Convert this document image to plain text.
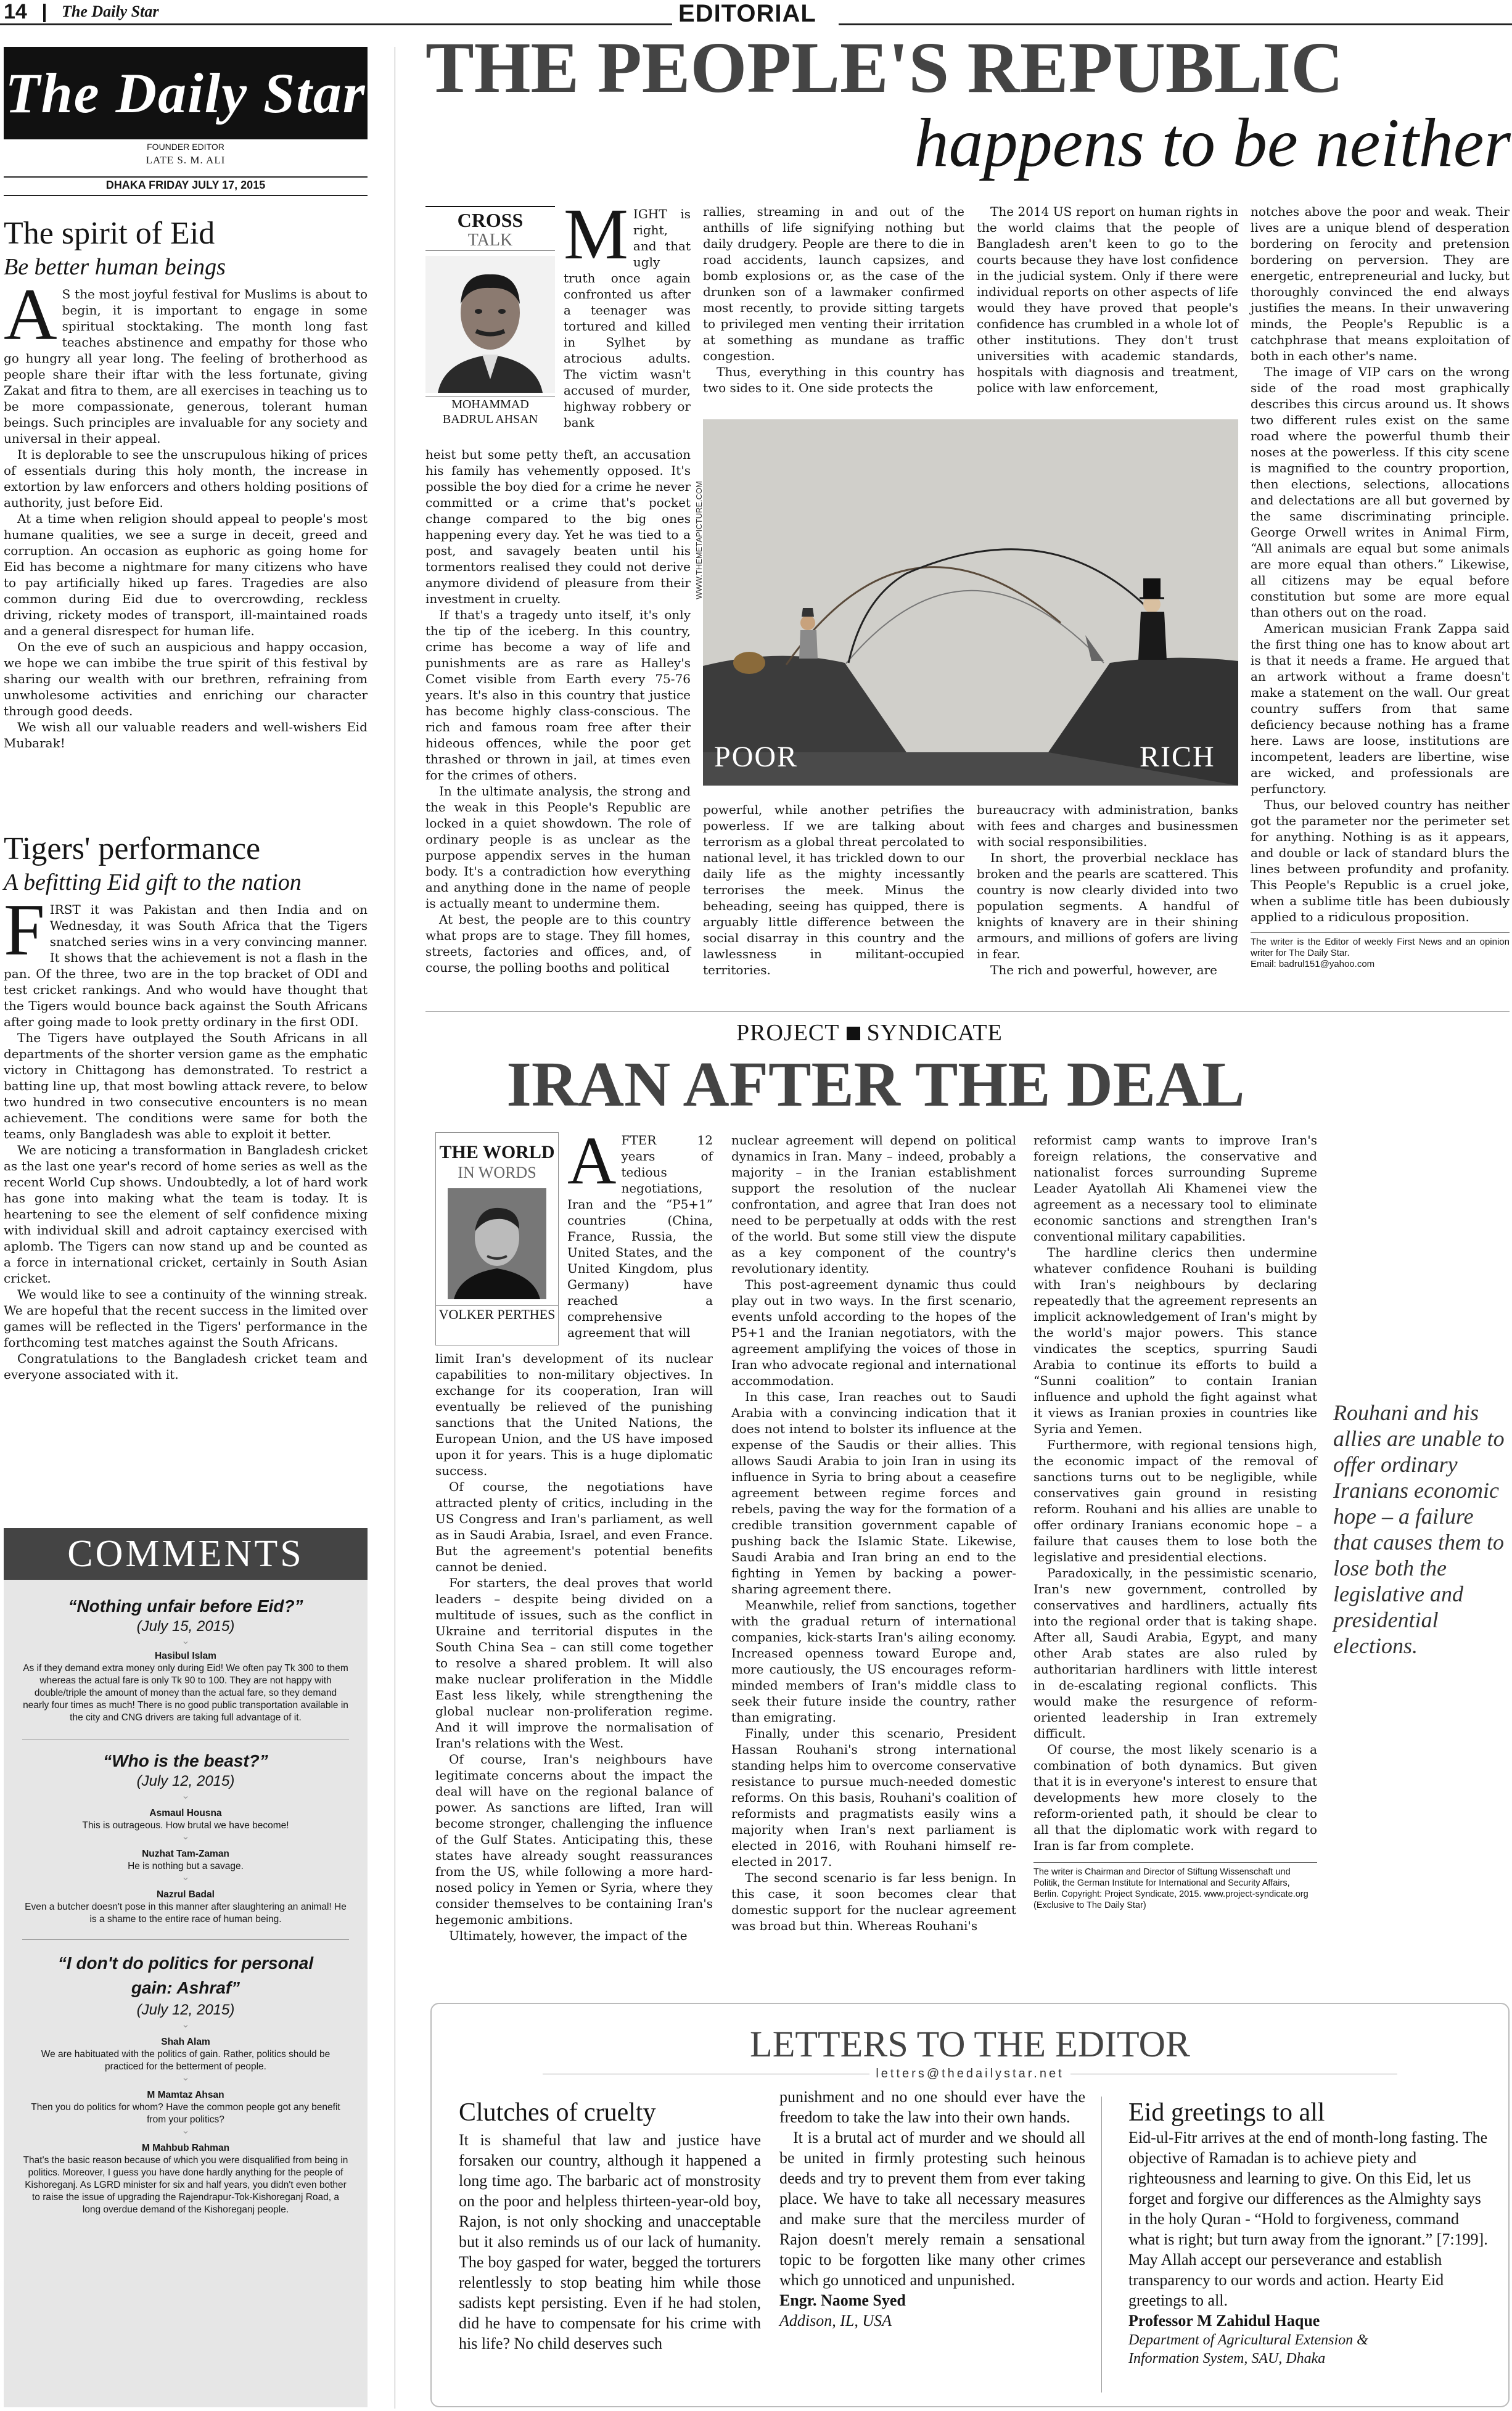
14 The Daily Star	EDITORIAL
The Daily Star
FOUNDER EDITOR
LATE S. M. ALI
DHAKA FRIDAY JULY 17, 2015
The spirit of Eid
Be better human beings
A S the most joyful festival for Muslims is about to begin, it is important to engage in some spiritual stocktaking. The month long fast teaches abstinence and empathy for those who go hungry all year long. The feeling of brotherhood as people share their iftar with the less fortunate, giving Zakat and fitra to them, are all exercises in teaching us to be more compassionate, generous, tolerant human beings. Such principles are invaluable for any society and universal in their appeal.

It is deplorable to see the unscrupulous hiking of prices of essentials during this holy month, the increase in extortion by law enforcers and others holding positions of authority, just before Eid.

At a time when religion should appeal to people's most humane qualities, we see a surge in deceit, greed and corruption. An occasion as euphoric as going home for Eid has become a nightmare for many citizens who have to pay artificially hiked up fares. Tragedies are also common during Eid due to overcrowding, reckless driving, rickety modes of transport, ill-maintained roads and a general disrespect for human life.

On the eve of such an auspicious and happy occasion, we hope we can imbibe the true spirit of this festival by sharing our wealth with our brethren, refraining from unwholesome activities and enriching our character through good deeds.

We wish all our valuable readers and well-wishers Eid Mubarak!

Tigers' performance
A befitting Eid gift to the nation
F IRST it was Pakistan and then India and on Wednesday, it was South Africa that the Tigers snatched series wins in a very convincing manner. It shows that the achievement is not a flash in the pan. Of the three, two are in the top bracket of ODI and test cricket rankings. And who would have thought that the Tigers would bounce back against the South Africans after going made to look pretty ordinary in the first ODI.

The Tigers have outplayed the South Africans in all departments of the shorter version game as the emphatic victory in Chittagong has demonstrated. To restrict a batting line up, that most bowling attack revere, to below two hundred in two consecutive encounters is no mean achievement. The conditions were same for both the teams, only Bangladesh was able to exploit it better.

We are noticing a transformation in Bangladesh cricket as the last one year's record of home series as well as the recent World Cup shows. Undoubtedly, a lot of hard work has gone into making what the team is today. It is heartening to see the element of self confidence mixing with individual skill and adroit captaincy exercised with aplomb. The Tigers can now stand up and be counted as a force in international cricket, certainly in South Asian cricket.

We would like to see a continuity of the winning streak. We are hopeful that the recent success in the limited over games will be reflected in the Tigers' performance in the forthcoming test matches against the South Africans.

Congratulations to the Bangladesh cricket team and everyone associated with it.

COMMENTS

“Nothing unfair before Eid?”

(July 15, 2015)

⌄

Hasibul Islam

As if they demand extra money only during Eid! We often pay Tk 300 to them whereas the actual fare is only Tk 90 to 100. They are not happy with double/triple the amount of money than the actual fare, so they demand nearly four times as much! There is no good public transportation available in the city and CNG drivers are taking full advantage of it.

“Who is the beast?”

(July 12, 2015)

⌄

Asmaul Housna

This is outrageous. How brutal we have become!

⌄

Nuzhat Tam-Zaman

He is nothing but a savage.

⌄

Nazrul Badal

Even a butcher doesn't pose in this manner after slaughtering an animal! He is a shame to the entire race of human being.

“I don't do politics for personal gain: Ashraf”

(July 12, 2015)

⌄

Shah Alam

We are habituated with the politics of gain. Rather, politics should be practiced for the betterment of people.

⌄

M Mamtaz Ahsan

Then you do politics for whom? Have the common people got any benefit from your politics?

⌄

M Mahbub Rahman

That's the basic reason because of which you were disqualified from being in politics. Moreover, I guess you have done hardly anything for the people of Kishoreganj. As LGRD minister for six and half years, you didn't even bother to raise the issue of upgrading the Rajendrapur-Tok-Kishoreganj Road, a long overdue demand of the Kishoreganj people.

THE PEOPLE'S REPUBLIC
happens to be neither
CROSS
TALK
MOHAMMAD
BADRUL AHSAN
M IGHT is right, and that ugly truth once again confronted us after a teenager was tortured and killed in Sylhet by atrocious adults. The victim wasn't accused of murder, highway robbery or bank

heist but some petty theft, an accusation his family has vehemently opposed. It's possible the boy died for a crime he never committed or a crime that's pocket change compared to the big ones happening every day. Yet he was tied to a post, and savagely beaten until his tormentors realised they could not derive anymore dividend of pleasure from their investment in cruelty.

If that's a tragedy unto itself, it's only the tip of the iceberg. In this country, crime has become a way of life and punishments are as rare as Halley's Comet visible from Earth every 75-76 years. It's also in this country that justice has become highly class-conscious. The rich and famous roam free after their hideous offences, while the poor get thrashed or thrown in jail, at times even for the crimes of others.

In the ultimate analysis, the strong and the weak in this People's Republic are locked in a quiet showdown. The role of ordinary people is as unclear as the purpose appendix serves in the human body. It's a contradiction how everything and anything done in the name of people is actually meant to undermine them.

At best, the people are to this country what props are to stage. They fill homes, streets, factories and offices, and, of course, the polling booths and political

rallies, streaming in and out of the anthills of life signifying nothing but daily drudgery. People are there to die in road accidents, launch capsizes, and bomb explosions or, as the case of the drunken son of a lawmaker confirmed most recently, to provide sitting targets to privileged men venting their irritation at something as mundane as traffic congestion.

Thus, everything in this country has two sides to it. One side protects the

The 2014 US report on human rights in the world claims that the people of Bangladesh aren't keen to go to the courts because they have lost confidence in the judicial system. Only if there were individual reports on other aspects of life would they have proved that people's confidence has crumbled in a whole lot of other institutions. They don't trust universities with academic standards, hospitals with diagnosis and treatment, police with law enforcement,

WWW.THEMETAPICTURE.COM
POOR	RICH

powerful, while another petrifies the powerless. If we are talking about terrorism as a global threat percolated to national level, it has trickled down to our daily life as the mighty incessantly terrorises the meek. Minus the beheading, seeing has quipped, there is arguably little difference between the social disarray in this country and the lawlessness in militant-occupied territories.

bureaucracy with administration, banks with fees and charges and businessmen with social responsibilities.

In short, the proverbial necklace has broken and the pearls are scattered. This country is now clearly divided into two population segments. A handful of knights of knavery are in their shining armours, and millions of gofers are living in fear.

The rich and powerful, however, are

notches above the poor and weak. Their lives are a unique blend of desperation bordering on ferocity and pretension bordering on perversion. They are energetic, entrepreneurial and lucky, but thoroughly convinced the end always justifies the means. In their unwavering minds, the People's Republic is a catchphrase that means exploitation of both in each other's name.

The image of VIP cars on the wrong side of the road most graphically describes this circus around us. It shows two different rules exist on the same road where the powerful thumb their noses at the powerless. If this city scene is magnified to the country proportion, then elections, selections, allocations and delectations are all but governed by the same discriminating principle. George Orwell writes in Animal Firm, “All animals are equal but some animals are more equal than others.” Likewise, all citizens may be equal before constitution but some are more equal than others out on the road.

American musician Frank Zappa said the first thing one has to know about art is that it needs a frame. He argued that an artwork without a frame doesn't make a statement on the wall. Our great country suffers from that same deficiency because nothing has a frame here. Laws are loose, institutions are incompetent, leaders are libertine, wise are wicked, and professionals are perfunctory.

Thus, our beloved country has neither got the parameter nor the perimeter set for anything. Nothing is as it appears, and double or lack of standard blurs the lines between profundity and profanity. This People's Republic is a cruel joke, when a sublime title has been dubiously applied to a ridiculous proposition.

The writer is the Editor of weekly First News and an opinion writer for The Daily Star.
Email: badrul151@yahoo.com
PROJECT SYNDICATE
IRAN AFTER THE DEAL
THE WORLD
IN WORDS
VOLKER PERTHES
A FTER 12 years of tedious negotiations, Iran and the “P5+1” countries (China, France, Russia, the United States, and the United Kingdom, plus Germany) have reached a comprehensive agreement that will

limit Iran's development of its nuclear capabilities to non-military objectives. In exchange for its cooperation, Iran will eventually be relieved of the punishing sanctions that the United Nations, the European Union, and the US have imposed upon it for years. This is a huge diplomatic success.

Of course, the negotiations have attracted plenty of critics, including in the US Congress and Iran's parliament, as well as in Saudi Arabia, Israel, and even France. But the agreement's potential benefits cannot be denied.

For starters, the deal proves that world leaders – despite being divided on a multitude of issues, such as the conflict in Ukraine and territorial disputes in the South China Sea – can still come together to resolve a shared problem. It will also make nuclear proliferation in the Middle East less likely, while strengthening the global nuclear non-proliferation regime. And it will improve the normalisation of Iran's relations with the West.

Of course, Iran's neighbours have legitimate concerns about the impact the deal will have on the regional balance of power. As sanctions are lifted, Iran will become stronger, challenging the influence of the Gulf States. Anticipating this, these states have already sought reassurances from the US, while following a more hard-nosed policy in Yemen or Syria, where they consider themselves to be containing Iran's hegemonic ambitions.

Ultimately, however, the impact of the

nuclear agreement will depend on political dynamics in Iran. Many – indeed, probably a majority – in the Iranian establishment support the resolution of the nuclear confrontation, and agree that Iran does not need to be perpetually at odds with the rest of the world. But some still view the dispute as a key component of the country's revolutionary identity.

This post-agreement dynamic thus could play out in two ways. In the first scenario, events unfold according to the hopes of the P5+1 and the Iranian negotiators, with the agreement amplifying the voices of those in Iran who advocate regional and international accommodation.

In this case, Iran reaches out to Saudi Arabia with a convincing indication that it does not intend to bolster its influence at the expense of the Saudis or their allies. This allows Saudi Arabia to join Iran in using its influence in Syria to bring about a ceasefire agreement between regime forces and rebels, paving the way for the formation of a credible transition government capable of pushing back the Islamic State. Likewise, Saudi Arabia and Iran bring an end to the fighting in Yemen by backing a power-sharing agreement there.

Meanwhile, relief from sanctions, together with the gradual return of international companies, kick-starts Iran's ailing economy. Increased openness toward Europe and, more cautiously, the US encourages reform-minded members of Iran's middle class to seek their future inside the country, rather than emigrating.

Finally, under this scenario, President Hassan Rouhani's strong international standing helps him to overcome conservative resistance to pursue much-needed domestic reforms. On this basis, Rouhani's coalition of reformists and pragmatists easily wins a majority when Iran's next parliament is elected in 2016, with Rouhani himself re-elected in 2017.

The second scenario is far less benign. In this case, it soon becomes clear that domestic support for the nuclear agreement was broad but thin. Whereas Rouhani's

reformist camp wants to improve Iran's foreign relations, the conservative and nationalist forces surrounding Supreme Leader Ayatollah Ali Khamenei view the agreement as a necessary tool to eliminate economic sanctions and strengthen Iran's conventional military capabilities.

The hardline clerics then undermine whatever confidence Rouhani is building with Iran's neighbours by declaring repeatedly that the agreement represents an implicit acknowledgement of Iran's might by the world's major powers. This stance vindicates the sceptics, spurring Saudi Arabia to continue its efforts to build a “Sunni coalition” to contain Iranian influence and uphold the fight against what it views as Iranian proxies in countries like Syria and Yemen.

Furthermore, with regional tensions high, the economic impact of the removal of sanctions turns out to be negligible, while conservatives gain ground in resisting reform. Rouhani and his allies are unable to offer ordinary Iranians economic hope – a failure that causes them to lose both the legislative and presidential elections.

Paradoxically, in the pessimistic scenario, Iran's new government, controlled by conservatives and hardliners, actually fits into the regional order that is taking shape. After all, Saudi Arabia, Egypt, and many other Arab states are also ruled by authoritarian hardliners with little interest in de-escalating regional conflicts. This would make the resurgence of reform-oriented leadership in Iran extremely difficult.

Of course, the most likely scenario is a combination of both dynamics. But given that it is in everyone's interest to ensure that developments hew more closely to the reform-oriented path, it should be clear to all that the diplomatic work with regard to Iran is far from complete.

The writer is Chairman and Director of Stiftung Wissenschaft und Politik, the German Institute for International and Security Affairs, Berlin. Copyright: Project Syndicate, 2015. www.project-syndicate.org (Exclusive to The Daily Star)
Rouhani and his allies are unable to offer ordinary Iranians economic hope – a failure that causes them to lose both the legislative and presidential elections.
LETTERS TO THE EDITOR
letters@thedailystar.net
Clutches of cruelty
It is shameful that law and justice have forsaken our country, although it happened a long time ago. The barbaric act of monstrosity on the poor and helpless thirteen-year-old boy, Rajon, is not only shocking and unacceptable but it also reminds us of our lack of humanity. The boy gasped for water, begged the torturers relentlessly to stop beating him while those sadists kept persisting. Even if he had stolen, did he have to compensate for his crime with his life? No child deserves such

punishment and no one should ever have the freedom to take the law into their own hands.

It is a brutal act of murder and we should all be united in firmly protesting such heinous deeds and try to prevent them from ever taking place. We have to take all necessary measures and make sure that the merciless murder of Rajon doesn't merely remain a sensational topic to be forgotten like many other crimes which go unnoticed and unpunished.

Engr. Naome Syed
Addison, IL, USA
Eid greetings to all
Eid-ul-Fitr arrives at the end of month-long fasting. The objective of Ramadan is to achieve piety and righteousness and learning to give. On this Eid, let us forget and forgive our differences as the Almighty says in the holy Quran - “Hold to forgiveness, command what is right; but turn away from the ignorant.” [7:199]. May Allah accept our perseverance and establish transparency to our words and action. Hearty Eid greetings to all.
Professor M Zahidul Haque
Department of Agricultural Extension &
Information System, SAU, Dhaka
